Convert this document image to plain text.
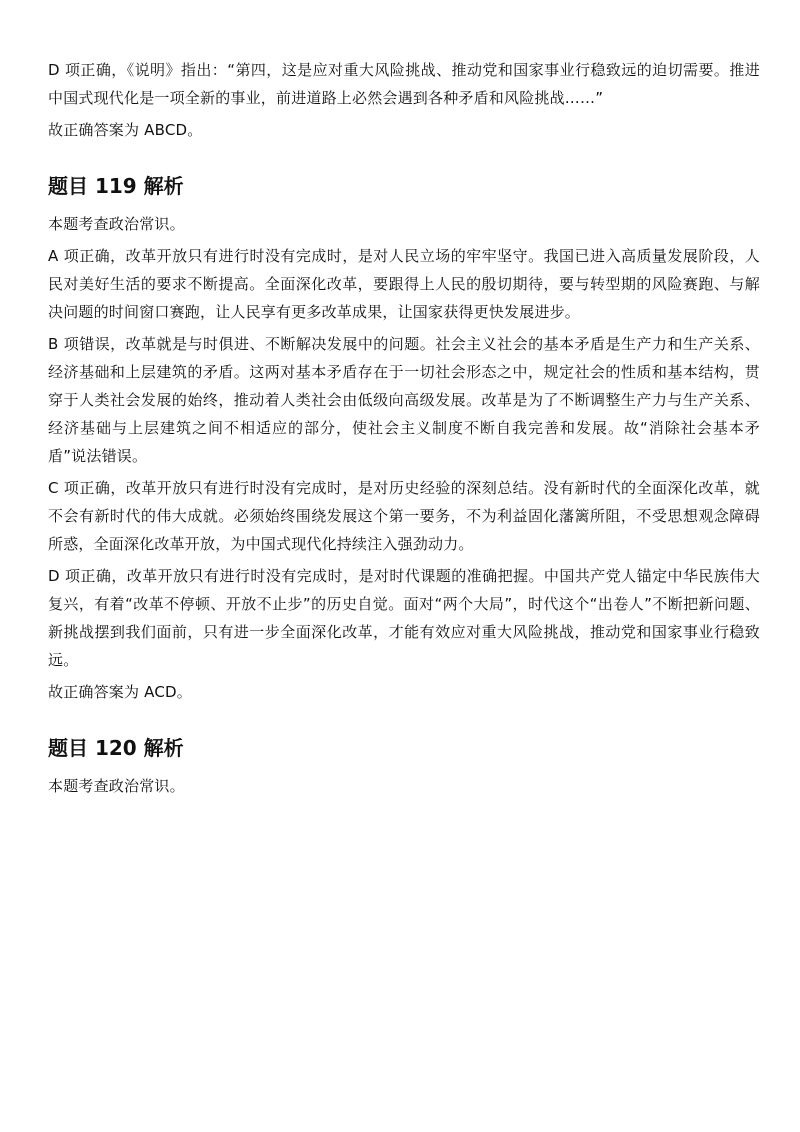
D 项正确，《说明》指出：“第四，这是应对重大风险挑战、推动党和国家事业行稳致远的迫切需要。推进中国式现代化是一项全新的事业，前进道路上必然会遇到各种矛盾和风险挑战……”

故正确答案为 ABCD。

题目 119 解析

本题考查政治常识。

A 项正确，改革开放只有进行时没有完成时，是对人民立场的牢牢坚守。我国已进入高质量发展阶段，人民对美好生活的要求不断提高。全面深化改革，要跟得上人民的殷切期待，要与转型期的风险赛跑、与解决问题的时间窗口赛跑，让人民享有更多改革成果，让国家获得更快发展进步。

B 项错误，改革就是与时俱进、不断解决发展中的问题。社会主义社会的基本矛盾是生产力和生产关系、经济基础和上层建筑的矛盾。这两对基本矛盾存在于一切社会形态之中，规定社会的性质和基本结构，贯穿于人类社会发展的始终，推动着人类社会由低级向高级发展。改革是为了不断调整生产力与生产关系、经济基础与上层建筑之间不相适应的部分，使社会主义制度不断自我完善和发展。故“消除社会基本矛盾”说法错误。

C 项正确，改革开放只有进行时没有完成时，是对历史经验的深刻总结。没有新时代的全面深化改革，就不会有新时代的伟大成就。必须始终围绕发展这个第一要务，不为利益固化藩篱所阻，不受思想观念障碍所惑，全面深化改革开放，为中国式现代化持续注入强劲动力。

D 项正确，改革开放只有进行时没有完成时，是对时代课题的准确把握。中国共产党人锚定中华民族伟大复兴，有着“改革不停顿、开放不止步”的历史自觉。面对“两个大局”，时代这个“出卷人”不断把新问题、新挑战摆到我们面前，只有进一步全面深化改革，才能有效应对重大风险挑战，推动党和国家事业行稳致远。

故正确答案为 ACD。

题目 120 解析

本题考查政治常识。
